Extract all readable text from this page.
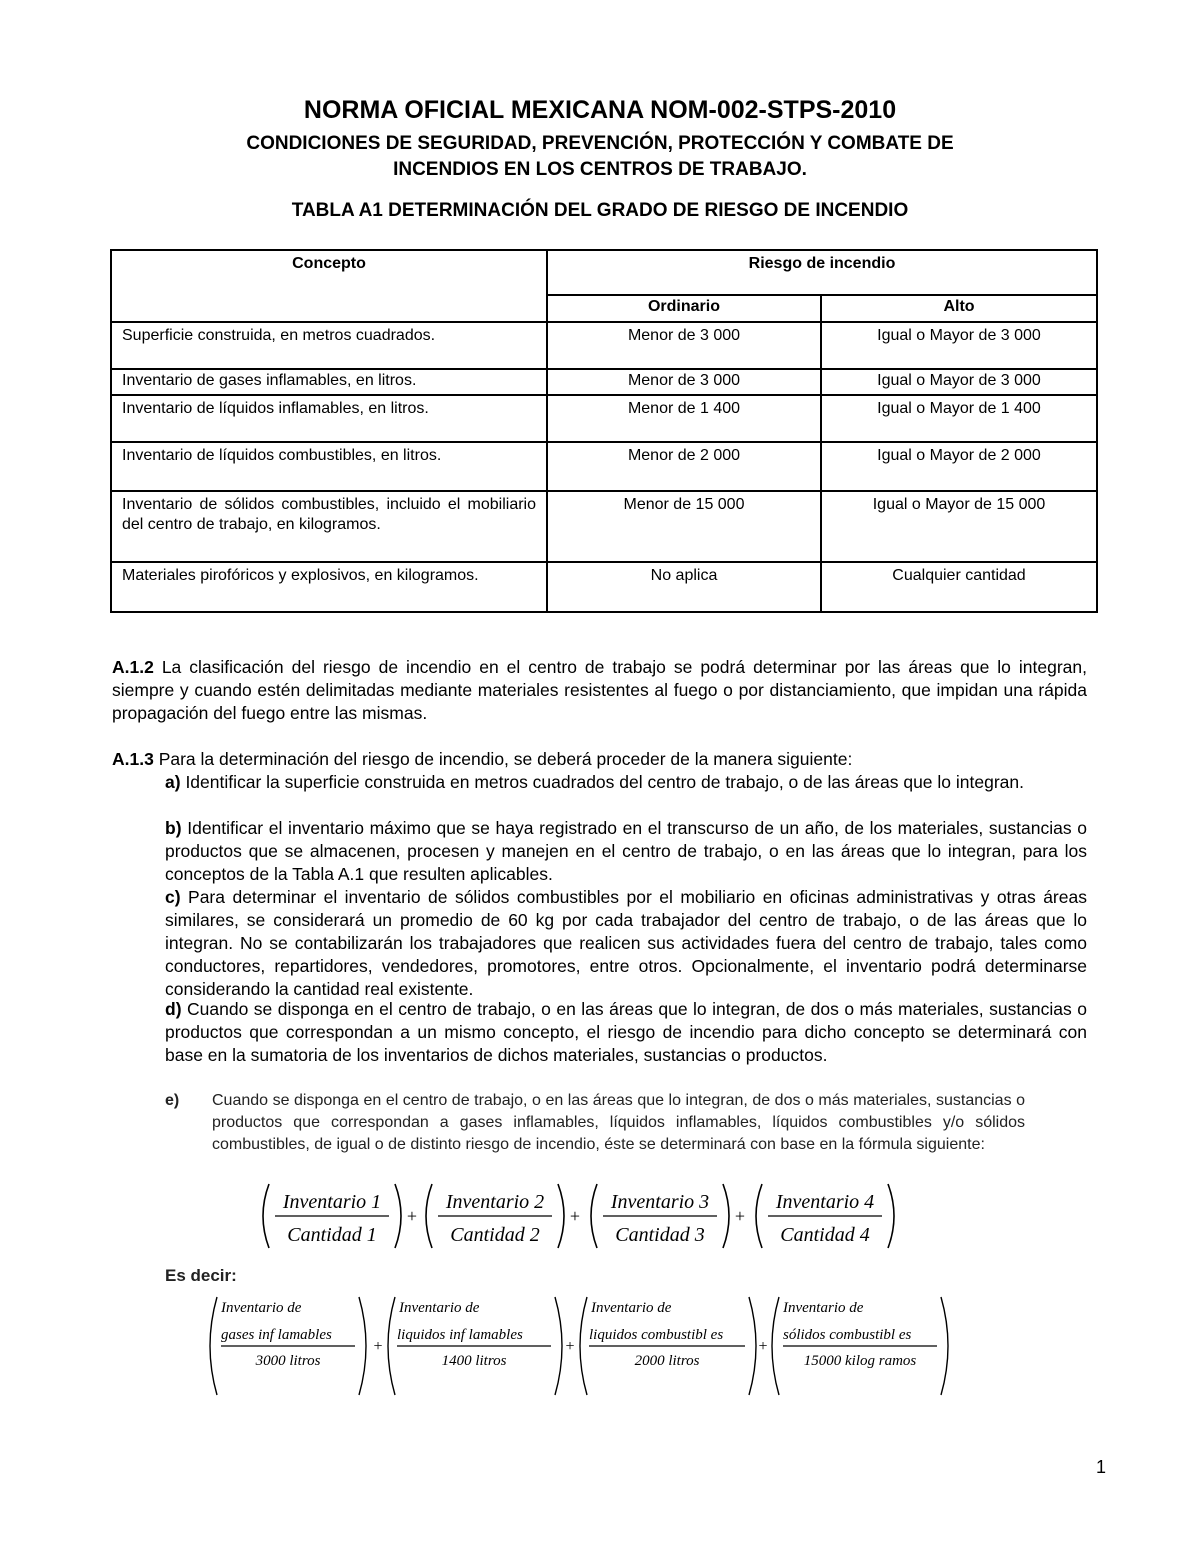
NORMA OFICIAL MEXICANA NOM-002-STPS-2010
CONDICIONES DE SEGURIDAD, PREVENCIÓN, PROTECCIÓN Y COMBATE DE
INCENDIOS EN LOS CENTROS DE TRABAJO.
TABLA A1 DETERMINACIÓN DEL GRADO DE RIESGO DE INCENDIO
Concepto	Riesgo de incendio	
	Ordinario	Alto
Superficie construida, en metros cuadrados.	Menor de 3 000	Igual o Mayor de 3 000
Inventario de gases inflamables, en litros.	Menor de 3 000	Igual o Mayor de 3 000
Inventario de líquidos inflamables, en litros.	Menor de 1 400	Igual o Mayor de 1 400
Inventario de líquidos combustibles, en litros.	Menor de 2 000	Igual o Mayor de 2 000
Inventario de sólidos combustibles, incluido el mobiliario del centro de trabajo, en kilogramos.	Menor de 15 000	Igual o Mayor de 15 000
Materiales pirofóricos y explosivos, en kilogramos.	No aplica	Cualquier cantidad
A.1.2 La clasificación del riesgo de incendio en el centro de trabajo se podrá determinar por las áreas que lo integran, siempre y cuando estén delimitadas mediante materiales resistentes al fuego o por distanciamiento, que impidan una rápida propagación del fuego entre las mismas.
A.1.3 Para la determinación del riesgo de incendio, se deberá proceder de la manera siguiente:
a) Identificar la superficie construida en metros cuadrados del centro de trabajo, o de las áreas que lo integran.
b) Identificar el inventario máximo que se haya registrado en el transcurso de un año, de los materiales, sustancias o productos que se almacenen, procesen y manejen en el centro de trabajo, o en las áreas que lo integran, para los conceptos de la Tabla A.1 que resulten aplicables.
c) Para determinar el inventario de sólidos combustibles por el mobiliario en oficinas administrativas y otras áreas similares, se considerará un promedio de 60 kg por cada trabajador del centro de trabajo, o de las áreas que lo integran. No se contabilizarán los trabajadores que realicen sus actividades fuera del centro de trabajo, tales como conductores, repartidores, vendedores, promotores, entre otros. Opcionalmente, el inventario podrá determinarse considerando la cantidad real existente.
d) Cuando se disponga en el centro de trabajo, o en las áreas que lo integran, de dos o más materiales, sustancias o productos que correspondan a un mismo concepto, el riesgo de incendio para dicho concepto se determinará con base en la sumatoria de los inventarios de dichos materiales, sustancias o productos.
e) Cuando se disponga en el centro de trabajo, o en las áreas que lo integran, de dos o más materiales, sustancias o productos que correspondan a gases inflamables, líquidos inflamables, líquidos combustibles y/o sólidos combustibles, de igual o de distinto riesgo de incendio, éste se determinará con base en la fórmula siguiente:
Inventario 1
Cantidad 1
+
Inventario 2
Cantidad 2
+
Inventario 3
Cantidad 3
+
Inventario 4
Cantidad 4
Es decir:
Inventario de
gases inf lamables
3000 litros
+
Inventario de
liquidos inf lamables
1400 litros
+
Inventario de
liquidos combustibl es
2000 litros
+
Inventario de
sólidos combustibl es
15000 kilog ramos
1
